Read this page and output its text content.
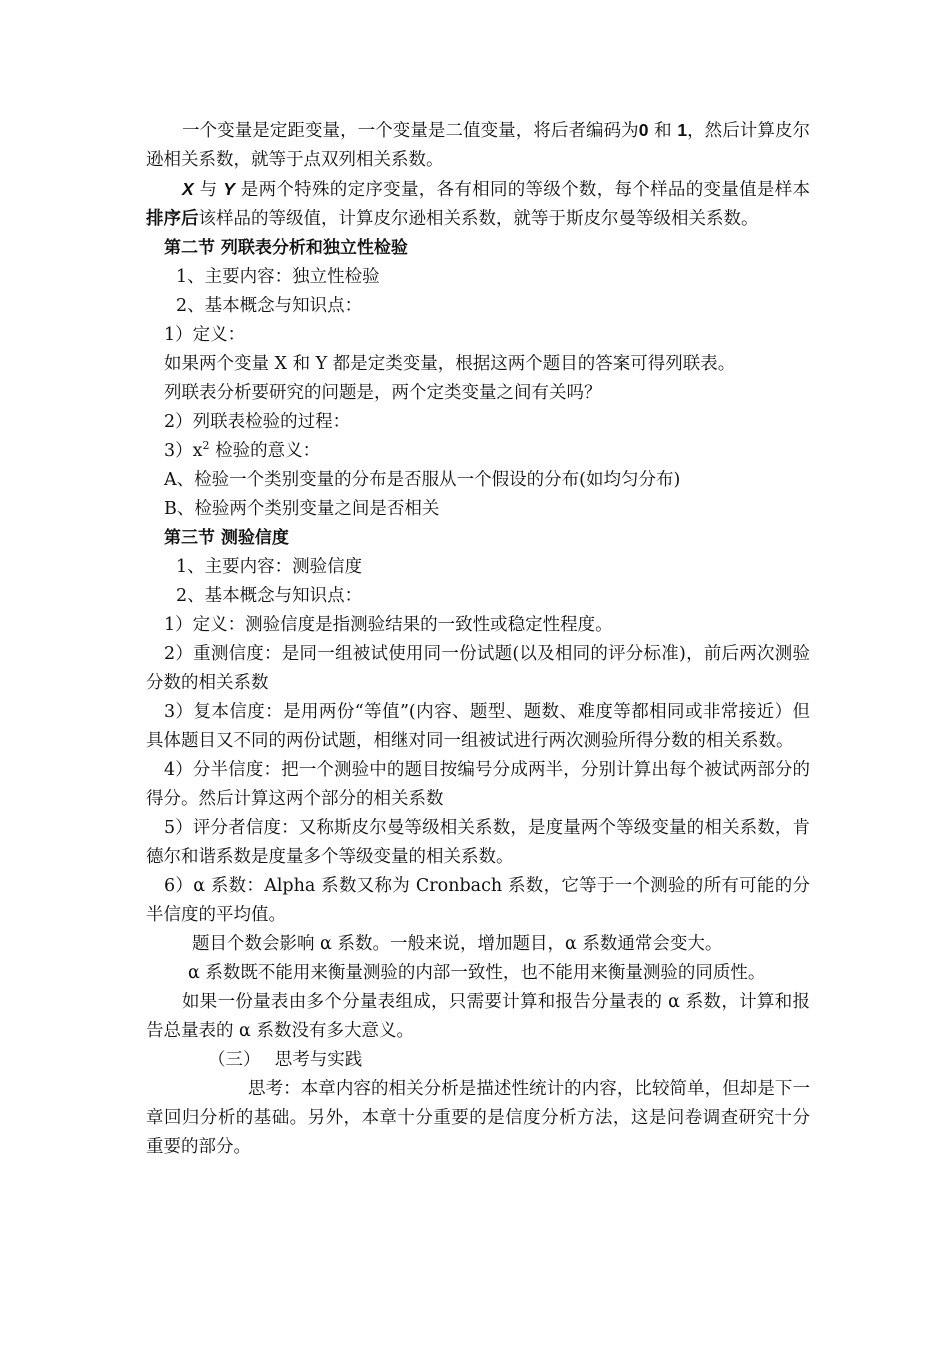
一个变量是定距变量，一个变量是二值变量，将后者编码为0 和 1，然后计算皮尔逊相关系数，就等于点双列相关系数。

X 与 Y 是两个特殊的定序变量，各有相同的等级个数，每个样品的变量值是样本排序后该样品的等级值，计算皮尔逊相关系数，就等于斯皮尔曼等级相关系数。

第二节 列联表分析和独立性检验

1、主要内容：独立性检验

2、基本概念与知识点：

1）定义：

如果两个变量 X 和 Y 都是定类变量，根据这两个题目的答案可得列联表。

列联表分析要研究的问题是，两个定类变量之间有关吗？

2）列联表检验的过程：

$3)x^2$ 检验的意义：

A、检验一个类别变量的分布是否服从一个假设的分布(如均匀分布)

B、检验两个类别变量之间是否相关

第三节 测验信度

1、主要内容：测验信度

2、基本概念与知识点：

1）定义：测验信度是指测验结果的一致性或稳定性程度。

2）重测信度：是同一组被试使用同一份试题(以及相同的评分标准)，前后两次测验分数的相关系数

3）复本信度：是用两份“等值”(内容、题型、题数、难度等都相同或非常接近）但具体题目又不同的两份试题，相继对同一组被试进行两次测验所得分数的相关系数。

4）分半信度：把一个测验中的题目按编号分成两半，分别计算出每个被试两部分的得分。然后计算这两个部分的相关系数

5）评分者信度：又称斯皮尔曼等级相关系数，是度量两个等级变量的相关系数，肯德尔和谐系数是度量多个等级变量的相关系数。

6）α 系数：Alpha 系数又称为 Cronbach 系数，它等于一个测验的所有可能的分半信度的平均值。

题目个数会影响 α 系数。一般来说，增加题目，α 系数通常会变大。

α 系数既不能用来衡量测验的内部一致性，也不能用来衡量测验的同质性。

如果一份量表由多个分量表组成，只需要计算和报告分量表的 α 系数，计算和报告总量表的 α 系数没有多大意义。

（三）　 思考与实践

思考：本章内容的相关分析是描述性统计的内容，比较简单，但却是下一章回归分析的基础。另外，本章十分重要的是信度分析方法，这是问卷调查研究十分重要的部分。
